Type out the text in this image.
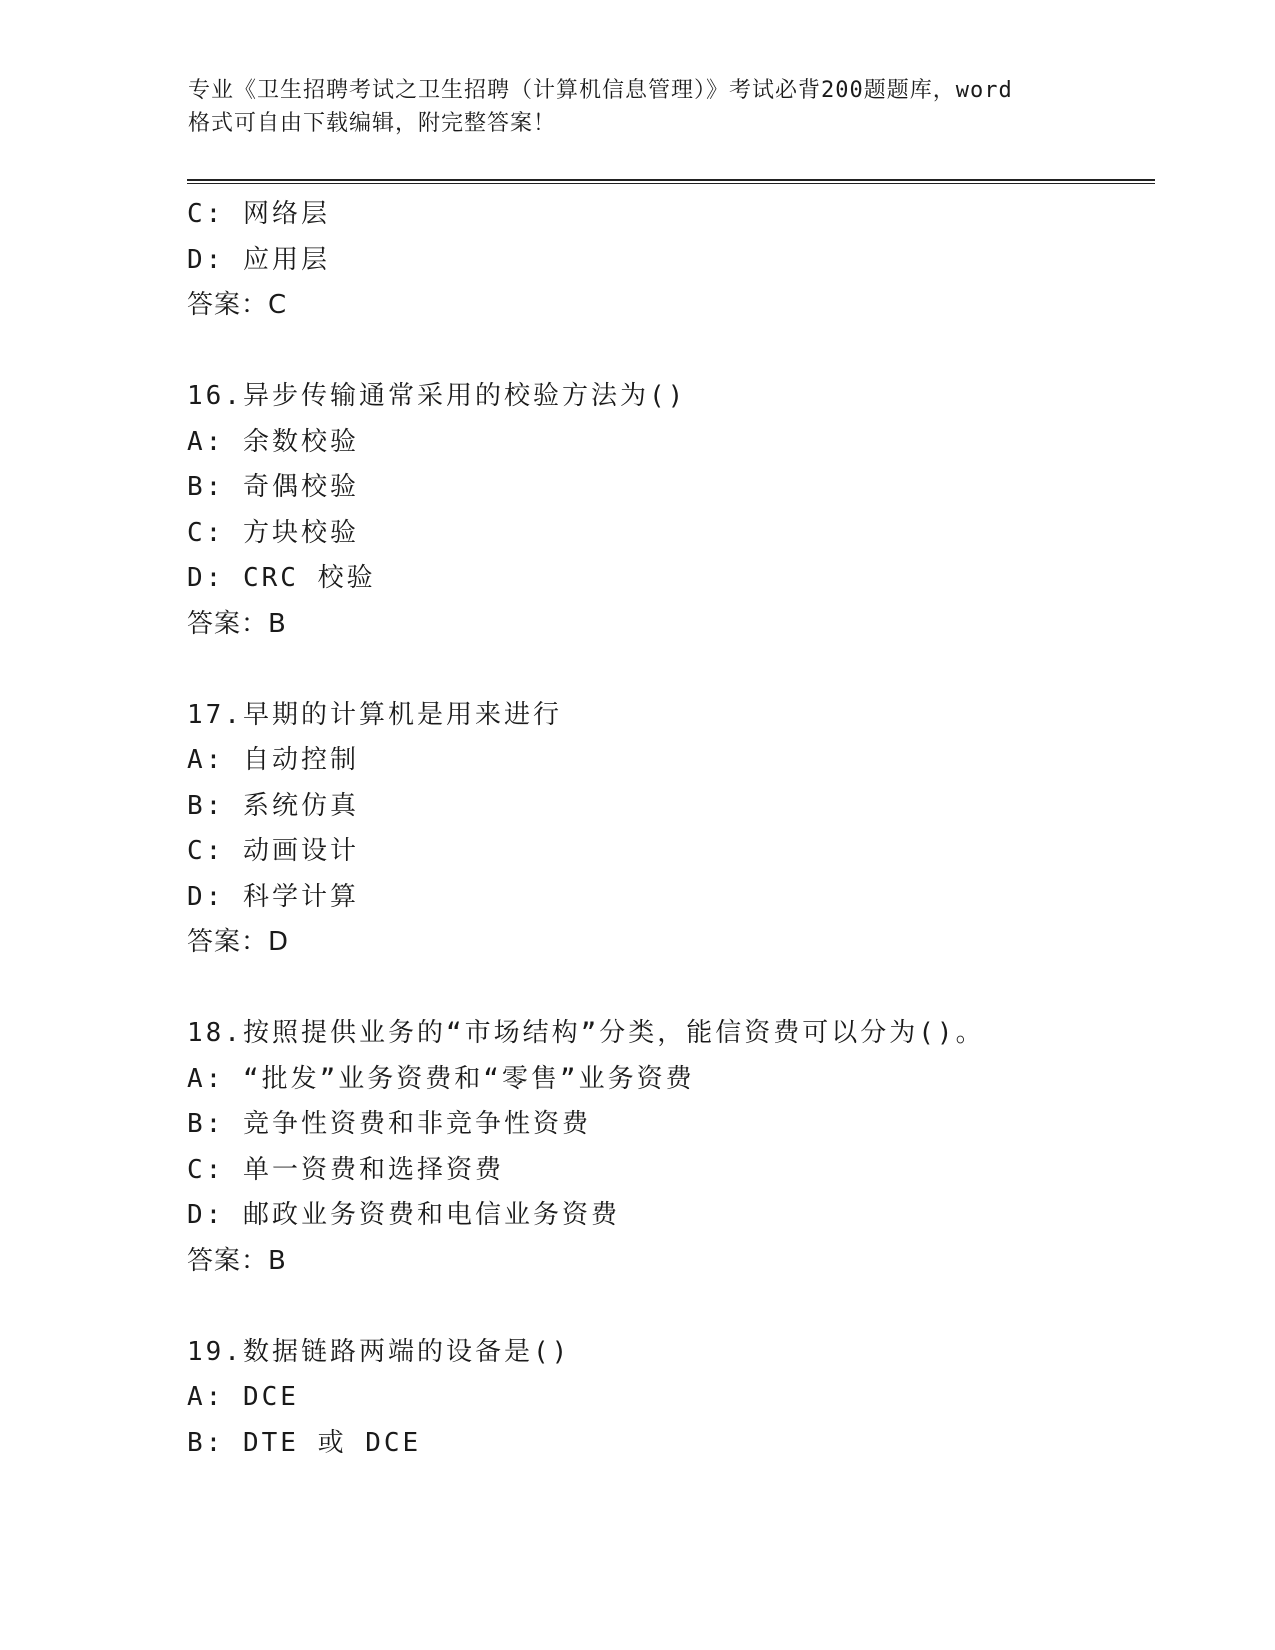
专业《卫生招聘考试之卫生招聘（计算机信息管理）》考试必背200题题库，word
格式可自由下载编辑，附完整答案！
C: 网络层
D: 应用层
答案：C
16.异步传输通常采用的校验方法为()
A: 余数校验
B: 奇偶校验
C: 方块校验
D: CRC 校验
答案：B
17.早期的计算机是用来进行
A: 自动控制
B: 系统仿真
C: 动画设计
D: 科学计算
答案：D
18.按照提供业务的“市场结构”分类，能信资费可以分为()。
A: “批发”业务资费和“零售”业务资费
B: 竞争性资费和非竞争性资费
C: 单一资费和选择资费
D: 邮政业务资费和电信业务资费
答案：B
19.数据链路两端的设备是()
A: DCE
B: DTE 或 DCE
